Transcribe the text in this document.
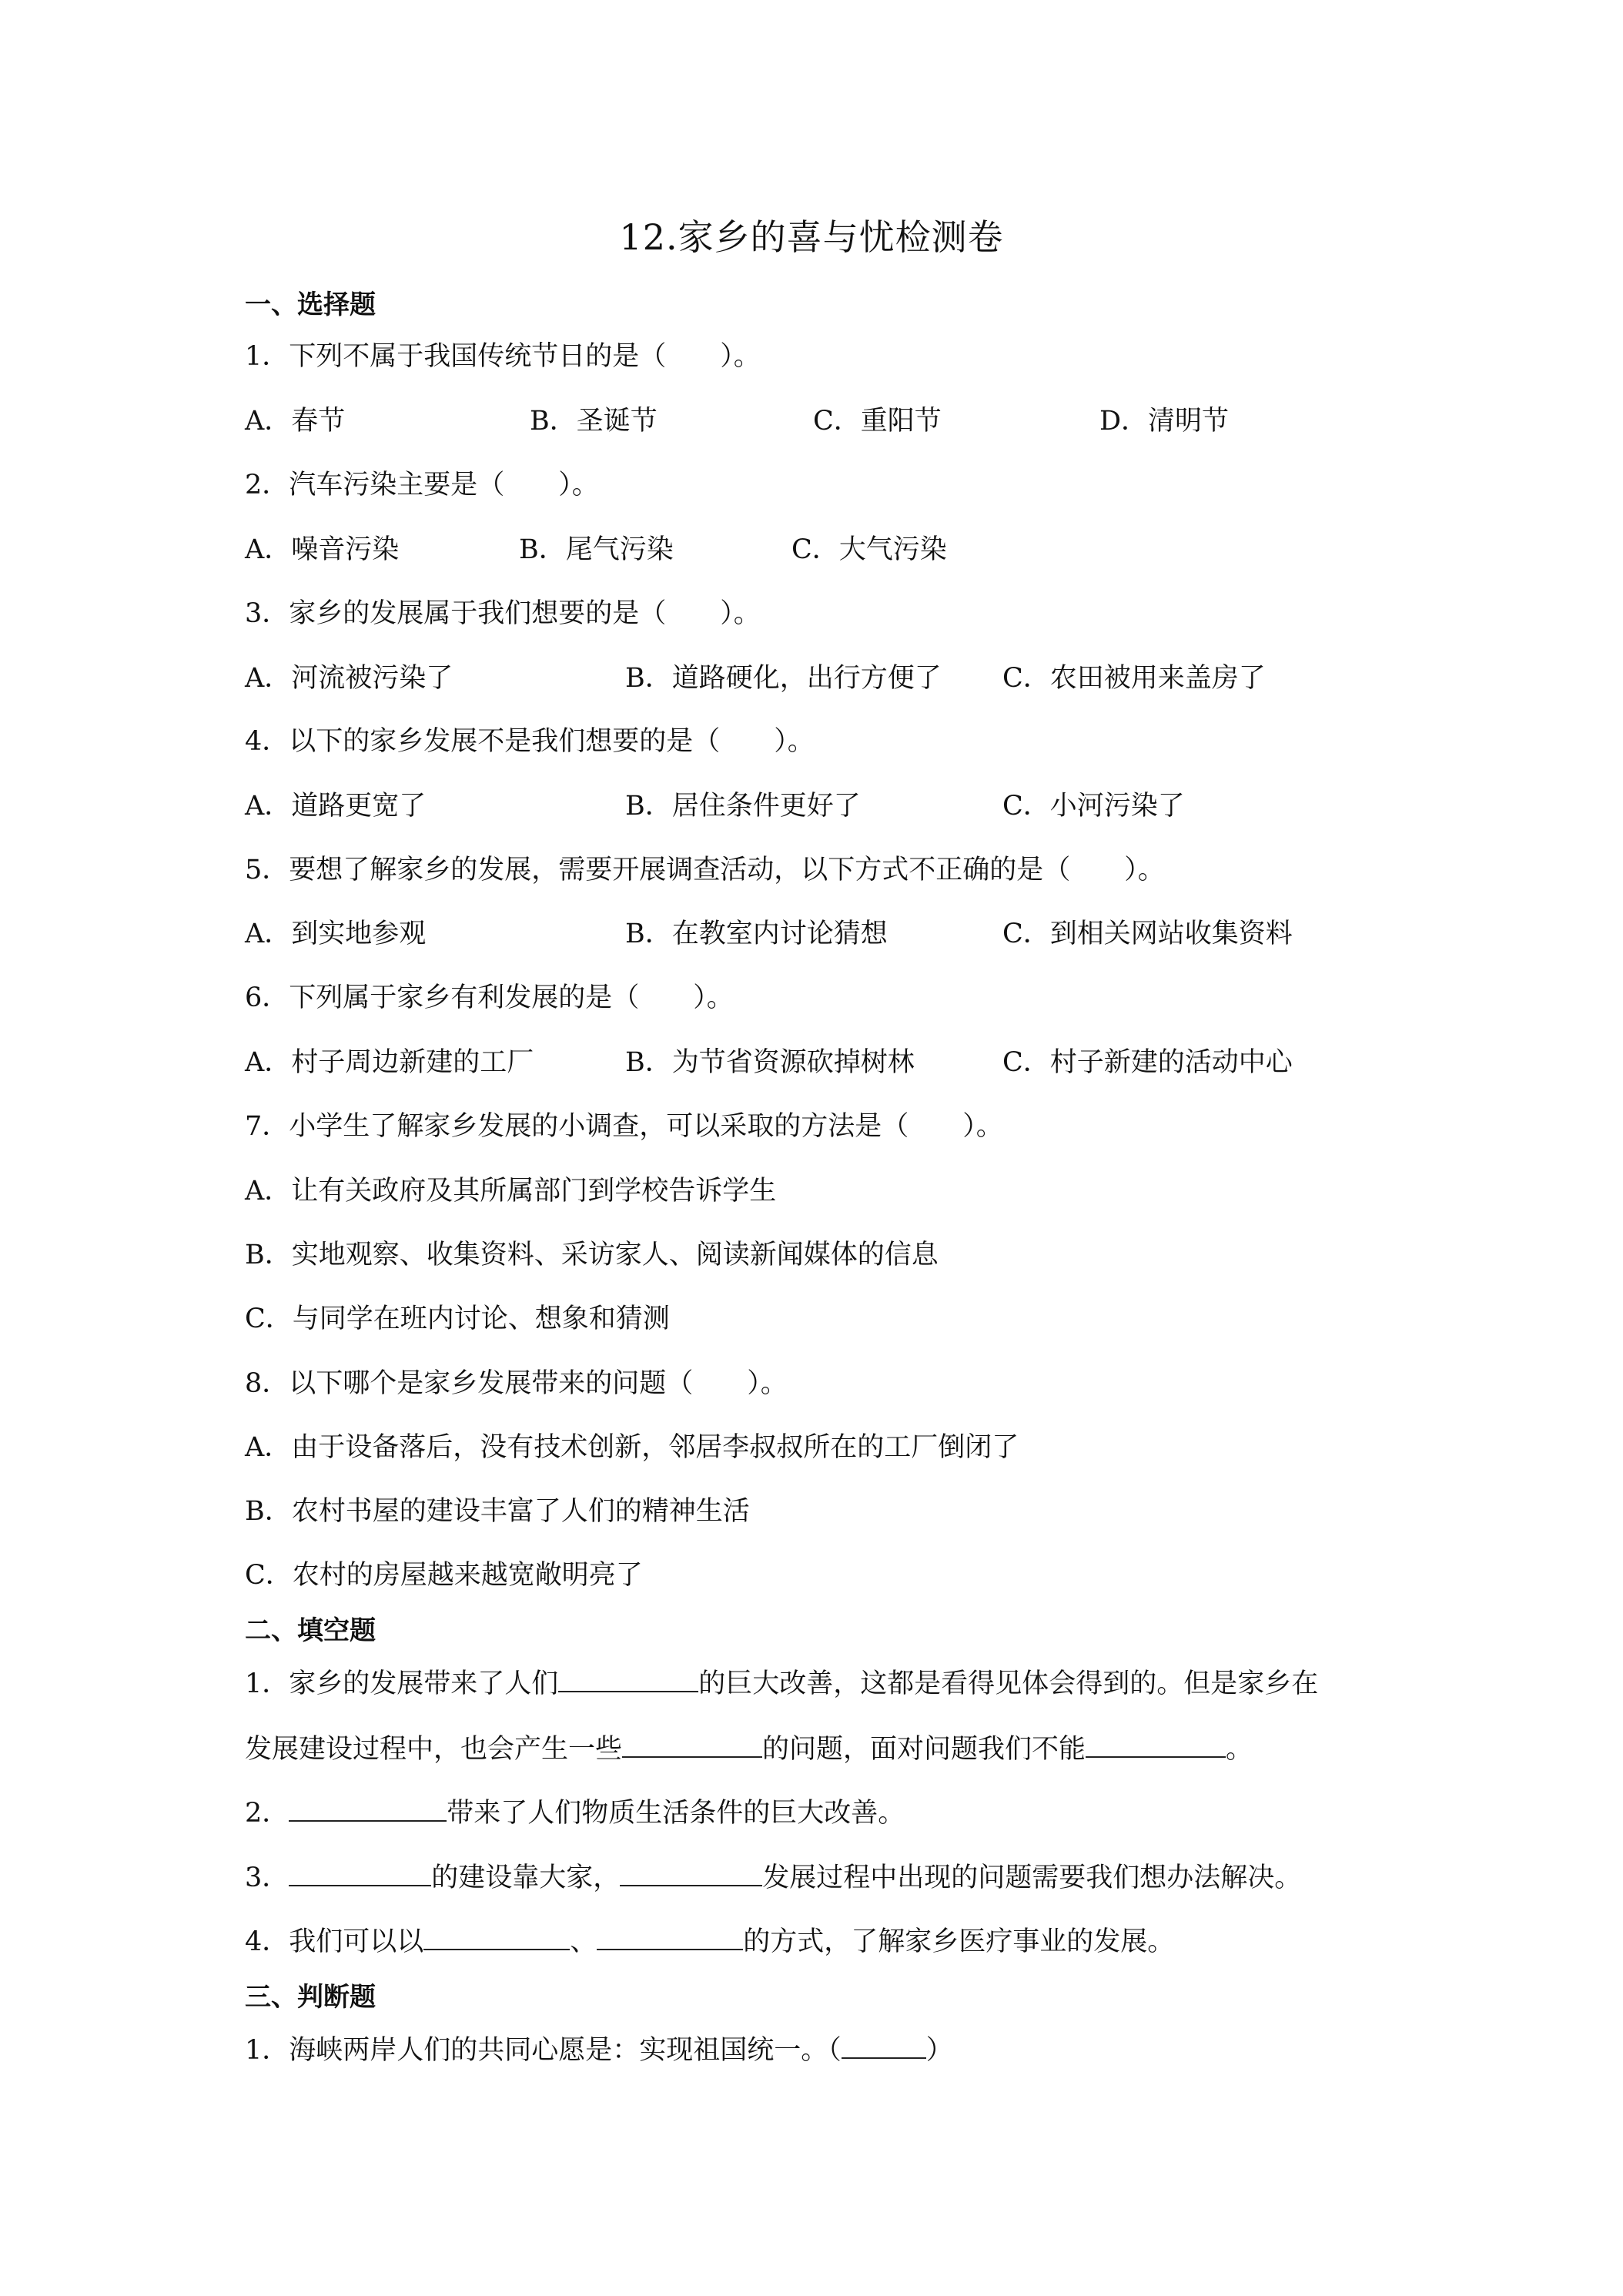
12.家乡的喜与忧检测卷
一、选择题
1．下列不属于我国传统节日的是（　　）。
A．春节	B．圣诞节	C．重阳节	D．清明节
2．汽车污染主要是（　　）。
A．噪音污染	B．尾气污染	C．大气污染
3．家乡的发展属于我们想要的是（　　）。
A．河流被污染了	B．道路硬化，出行方便了 C．农田被用来盖房了
4．以下的家乡发展不是我们想要的是（　　）。
A．道路更宽了	B．居住条件更好了	C．小河污染了
5．要想了解家乡的发展，需要开展调查活动，以下方式不正确的是（　　）。
A．到实地参观	B．在教室内讨论猜想	C．到相关网站收集资料
6．下列属于家乡有利发展的是（　　）。
A．村子周边新建的工厂	B．为节省资源砍掉树林	C．村子新建的活动中心
7．小学生了解家乡发展的小调查，可以采取的方法是（　　）。
A．让有关政府及其所属部门到学校告诉学生
B．实地观察、收集资料、采访家人、阅读新闻媒体的信息
C．与同学在班内讨论、想象和猜测
8．以下哪个是家乡发展带来的问题（　　）。
A．由于设备落后，没有技术创新，邻居李叔叔所在的工厂倒闭了
B．农村书屋的建设丰富了人们的精神生活
C．农村的房屋越来越宽敞明亮了
二、填空题
1．家乡的发展带来了人们	的巨大改善，这都是看得见体会得到的。但是家乡在
发展建设过程中，也会产生一些	的问题，面对问题我们不能	。
2．	带来了人们物质生活条件的巨大改善。
3．	的建设靠大家，	发展过程中出现的问题需要我们想办法解决。
4．我们可以以	、	的方式，了解家乡医疗事业的发展。
三、判断题
1．海峡两岸人们的共同心愿是：实现祖国统一。（	）
